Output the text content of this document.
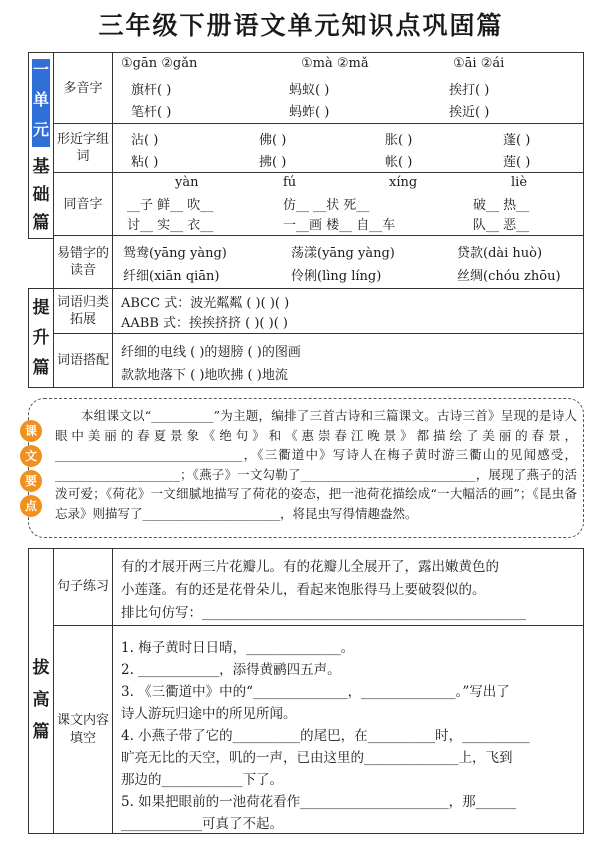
三年级下册语文单元知识点巩固篇
一
单
元
基
础
篇
多音字
①gān ②gǎn	①mà ②mǎ	①āi ②ái
旗杆( )	蚂蚁( )	挨打( )
笔杆( )	蚂蚱( )	挨近( )
形近字组词
沾( )	佛( )	胀( )	蓬( )
粘( )	拂( )	帐( )	莲( )
同音字
yàn	fú	xíng	liè
__子 鲜__ 吹__	仿__ __状 死__	破__ 热__
讨__ 实__ 衣__	一__画 楼__ 自__车	队__ 恶__
易错字的读音
鸳鸯(yāng yàng)	荡漾(yāng yàng)	贷款(dài huò)
纤细(xiān qiān)	伶俐(lìng líng)	丝绸(chóu zhōu)
提
升
篇
词语归类拓展
ABCC 式：波光粼粼 ( )( )( )
AABB 式：挨挨挤挤 ( )( )( )
词语搭配
纤细的电线 ( )的翅膀 ( )的图画
款款地落下 ( )地吹拂 ( )地流
本组课文以“__________”为主题，编排了三首古诗和三篇课文。古诗三首》呈现的是诗人眼中美丽的春夏景象《绝句》和《惠崇春江晚景》都描绘了美丽的春景，______________________________，《三衢道中》写诗人在梅子黄时游三衢山的见闻感受，____________________；《燕子》一文勾勒了____________________________，展现了燕子的活泼可爱；《荷花》一文细腻地描写了荷花的姿态，把一池荷花描绘成“一大幅活的画”；《昆虫备忘录》则描写了______________________，将昆虫写得情趣盎然。
课
文
要
点
拔
高
篇
句子练习
有的才展开两三片花瓣儿。有的花瓣儿全展开了，露出嫩黄色的
小莲蓬。有的还是花骨朵儿，看起来饱胀得马上要破裂似的。
排比句仿写：________________________________________________
课文内容填空
1. 梅子黄时日日晴，______________。
2. ____________，添得黄鹂四五声。
3. 《三衢道中》中的“______________，______________。”写出了
诗人游玩归途中的所见所闻。
4. 小燕子带了它的__________的尾巴，在__________时，__________
旷亮无比的天空，叽的一声，已由这里的______________上，飞到
那边的____________下了。
5. 如果把眼前的一池荷花看作______________________，那______
____________可真了不起。
